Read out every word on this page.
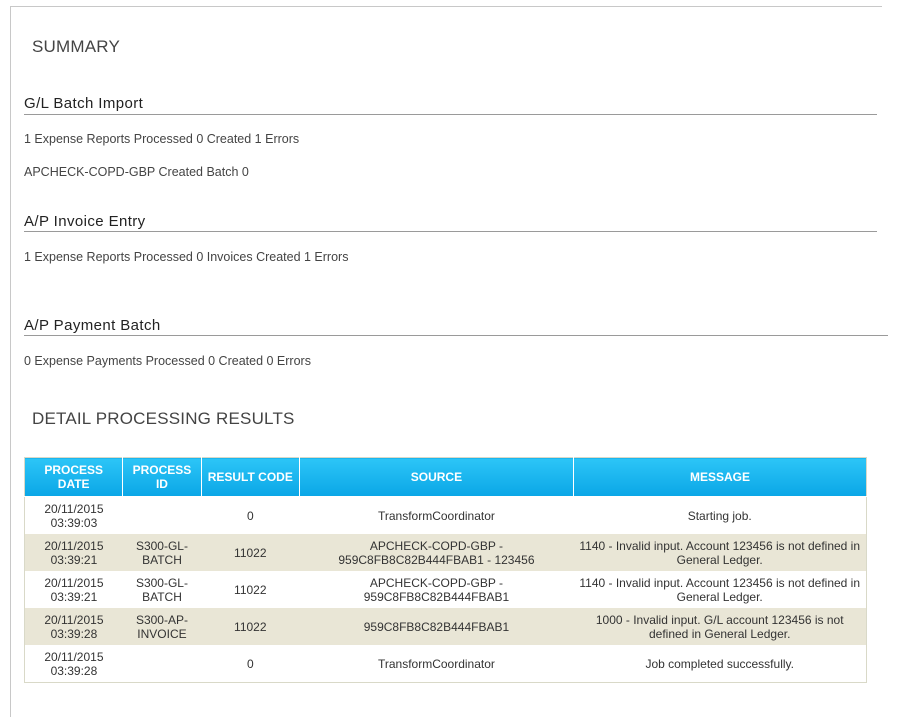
SUMMARY
G/L Batch Import
1 Expense Reports Processed 0 Created 1 Errors
APCHECK-COPD-GBP Created Batch 0
A/P Invoice Entry
1 Expense Reports Processed 0 Invoices Created 1 Errors
A/P Payment Batch
0 Expense Payments Processed 0 Created 0 Errors
DETAIL PROCESSING RESULTS
PROCESS DATE	PROCESS ID	RESULT CODE	SOURCE	MESSAGE
20/11/2015 03:39:03		0	TransformCoordinator	Starting job.
20/11/2015 03:39:21	S300-GL-BATCH	11022	APCHECK-COPD-GBP - 959C8FB8C82B444FBAB1 - 123456	1140 - Invalid input. Account 123456 is not defined in General Ledger.
20/11/2015 03:39:21	S300-GL-BATCH	11022	APCHECK-COPD-GBP - 959C8FB8C82B444FBAB1	1140 - Invalid input. Account 123456 is not defined in General Ledger.
20/11/2015 03:39:28	S300-AP-INVOICE	11022	959C8FB8C82B444FBAB1	1000 - Invalid input. G/L account 123456 is not defined in General Ledger.
20/11/2015 03:39:28		0	TransformCoordinator	Job completed successfully.
